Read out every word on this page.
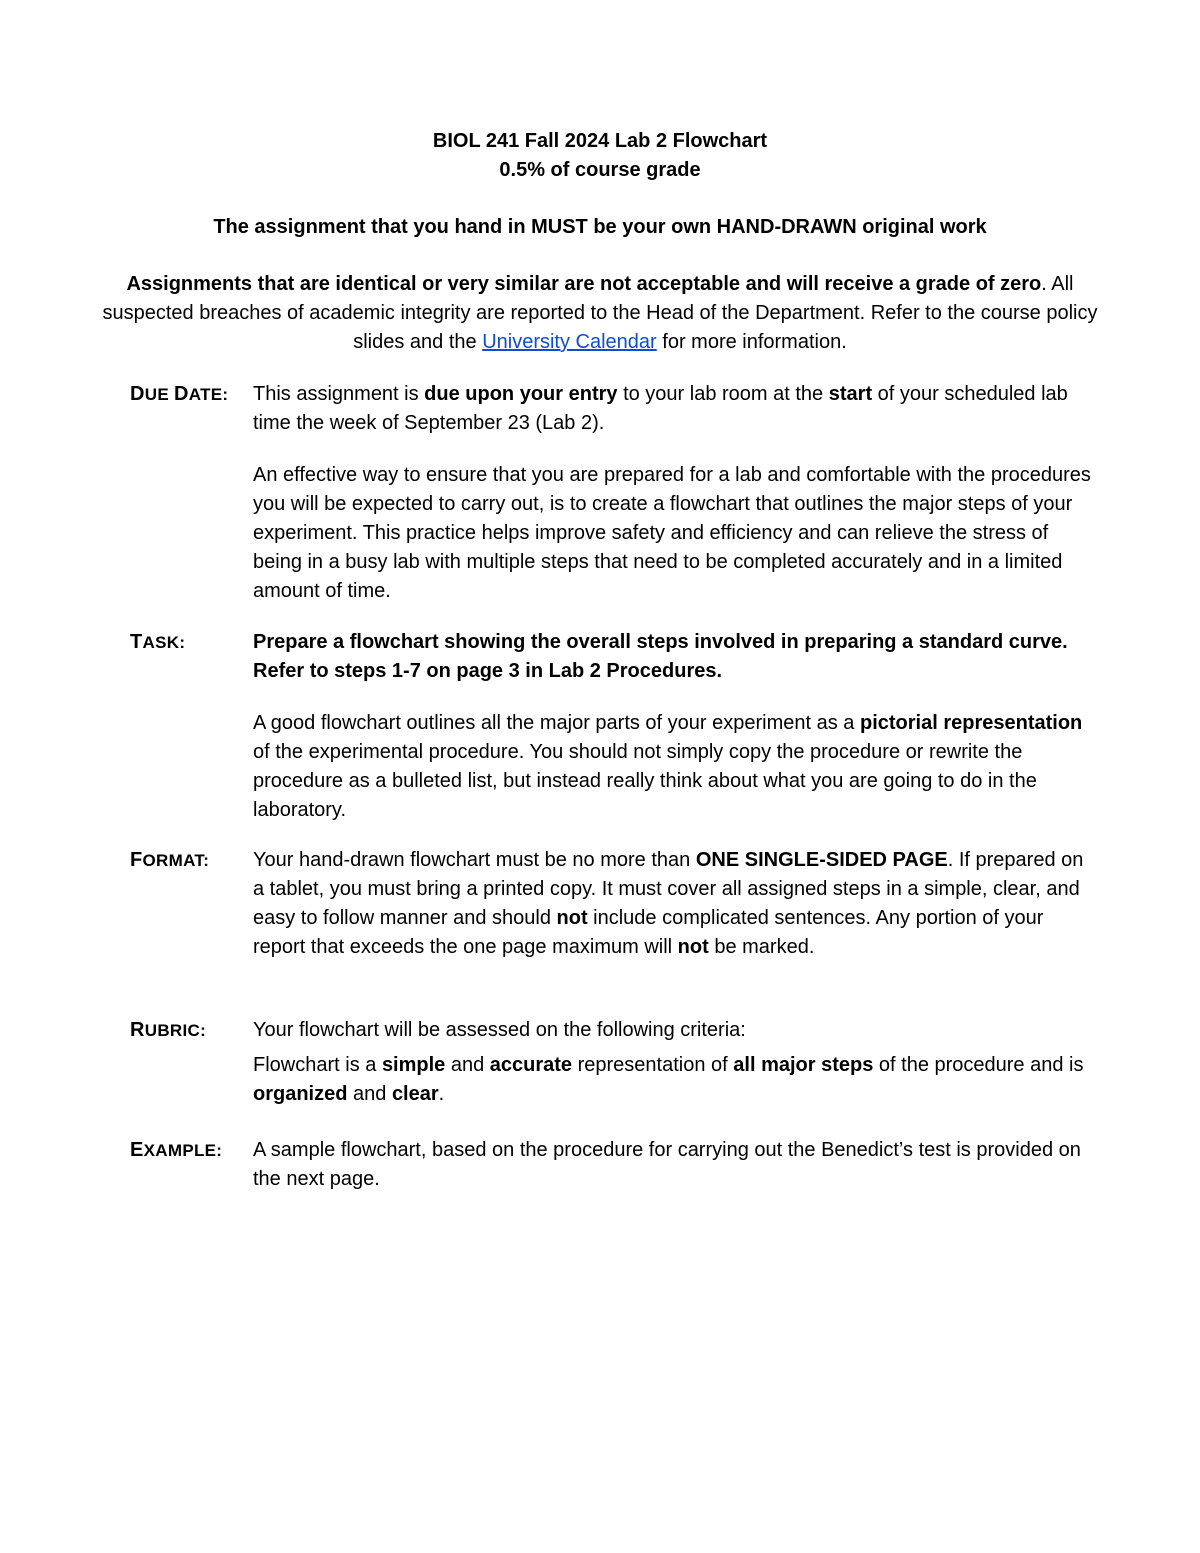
BIOL 241 Fall 2024 Lab 2 Flowchart
0.5% of course grade
The assignment that you hand in MUST be your own HAND-DRAWN original work
Assignments that are identical or very similar are not acceptable and will receive a grade of zero. All suspected breaches of academic integrity are reported to the Head of the Department. Refer to the course policy slides and the University Calendar for more information.
DUE DATE:	This assignment is due upon your entry to your lab room at the start of your scheduled lab time the week of September 23 (Lab 2).

An effective way to ensure that you are prepared for a lab and comfortable with the procedures you will be expected to carry out, is to create a flowchart that outlines the major steps of your experiment. This practice helps improve safety and efficiency and can relieve the stress of being in a busy lab with multiple steps that need to be completed accurately and in a limited amount of time.

TASK:	Prepare a flowchart showing the overall steps involved in preparing a standard curve. Refer to steps 1-7 on page 3 in Lab 2 Procedures.

A good flowchart outlines all the major parts of your experiment as a pictorial representation of the experimental procedure. You should not simply copy the procedure or rewrite the procedure as a bulleted list, but instead really think about what you are going to do in the laboratory.

FORMAT:	Your hand-drawn flowchart must be no more than ONE SINGLE-SIDED PAGE. If prepared on a tablet, you must bring a printed copy. It must cover all assigned steps in a simple, clear, and easy to follow manner and should not include complicated sentences. Any portion of your report that exceeds the one page maximum will not be marked.

RUBRIC:	Your flowchart will be assessed on the following criteria:

Flowchart is a simple and accurate representation of all major steps of the procedure and is organized and clear.

EXAMPLE:	A sample flowchart, based on the procedure for carrying out the Benedict’s test is provided on the next page.
